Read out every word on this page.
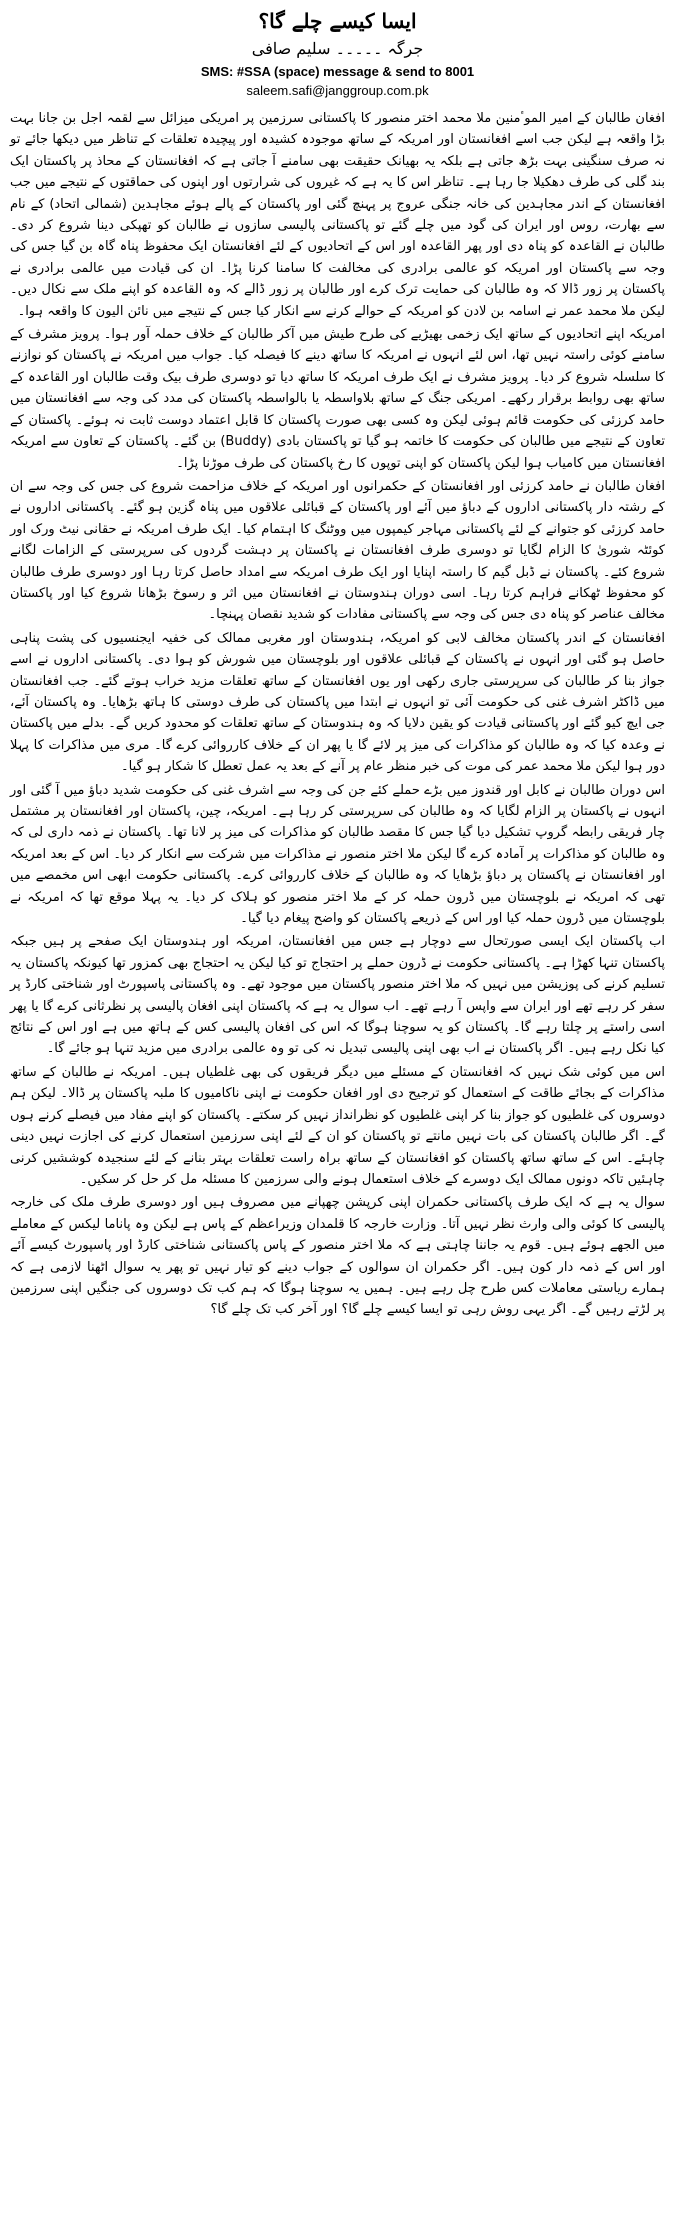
ایسا کیسے چلے گا؟

جرگہ ۔۔۔۔۔ سلیم صافی

SMS: #SSA (space) message & send to 8001

saleem.safi@janggroup.com.pk

افغان طالبان کے امیر الموٴمنین ملا محمد اختر منصور کا پاکستانی سرزمین پر امریکی میزائل سے لقمہ اجل بن جانا بہت بڑا واقعہ ہے لیکن جب اسے افغانستان اور امریکہ کے ساتھ موجودہ کشیدہ اور پیچیدہ تعلقات کے تناظر میں دیکھا جائے تو نہ صرف سنگینی بہت بڑھ جاتی ہے بلکہ یہ بھیانک حقیقت بھی سامنے آ جاتی ہے کہ افغانستان کے محاذ پر پاکستان ایک بند گلی کی طرف دھکیلا جا رہا ہے۔ تناظر اس کا یہ ہے کہ غیروں کی شرارتوں اور اپنوں کی حماقتوں کے نتیجے میں جب افغانستان کے اندر مجاہدین کی خانہ جنگی عروج پر پہنچ گئی اور پاکستان کے پالے ہوئے مجاہدین (شمالی اتحاد) کے نام سے بھارت، روس اور ایران کی گود میں چلے گئے تو پاکستانی پالیسی سازوں نے طالبان کو تھپکی دینا شروع کر دی۔ طالبان نے القاعدہ کو پناہ دی اور پھر القاعدہ اور اس کے اتحادیوں کے لئے افغانستان ایک محفوظ پناہ گاہ بن گیا جس کی وجہ سے پاکستان اور امریکہ کو عالمی برادری کی مخالفت کا سامنا کرنا پڑا۔ ان کی قیادت میں عالمی برادری نے پاکستان پر زور ڈالا کہ وہ طالبان کی حمایت ترک کرے اور طالبان پر زور ڈالے کہ وہ القاعدہ کو اپنے ملک سے نکال دیں۔ لیکن ملا محمد عمر نے اسامہ بن لادن کو امریکہ کے حوالے کرنے سے انکار کیا جس کے نتیجے میں نائن الیون کا واقعہ ہوا۔

امریکہ اپنے اتحادیوں کے ساتھ ایک زخمی بھیڑیے کی طرح طیش میں آکر طالبان کے خلاف حملہ آور ہوا۔ پرویز مشرف کے سامنے کوئی راستہ نہیں تھا، اس لئے انہوں نے امریکہ کا ساتھ دینے کا فیصلہ کیا۔ جواب میں امریکہ نے پاکستان کو نوازنے کا سلسلہ شروع کر دیا۔ پرویز مشرف نے ایک طرف امریکہ کا ساتھ دیا تو دوسری طرف بیک وقت طالبان اور القاعدہ کے ساتھ بھی روابط برقرار رکھے۔ امریکی جنگ کے ساتھ بلاواسطہ یا بالواسطہ پاکستان کی مدد کی وجہ سے افغانستان میں حامد کرزئی کی حکومت قائم ہوئی لیکن وہ کسی بھی صورت پاکستان کا قابل اعتماد دوست ثابت نہ ہوئے۔ پاکستان کے تعاون کے نتیجے میں طالبان کی حکومت کا خاتمہ ہو گیا تو پاکستان بادی (Buddy) بن گئے۔ پاکستان کے تعاون سے امریکہ افغانستان میں کامیاب ہوا لیکن پاکستان کو اپنی توپوں کا رخ پاکستان کی طرف موڑنا پڑا۔

افغان طالبان نے حامد کرزئی اور افغانستان کے حکمرانوں اور امریکہ کے خلاف مزاحمت شروع کی جس کی وجہ سے ان کے رشتہ دار پاکستانی اداروں کے دباؤ میں آئے اور پاکستان کے قبائلی علاقوں میں پناہ گزین ہو گئے۔ پاکستانی اداروں نے حامد کرزئی کو جتوانے کے لئے پاکستانی مہاجر کیمپوں میں ووٹنگ کا اہتمام کیا۔ ایک طرف امریکہ نے حقانی نیٹ ورک اور کوئٹہ شوریٰ کا الزام لگایا تو دوسری طرف افغانستان نے پاکستان پر دہشت گردوں کی سرپرستی کے الزامات لگانے شروع کئے۔ پاکستان نے ڈبل گیم کا راستہ اپنایا اور ایک طرف امریکہ سے امداد حاصل کرتا رہا اور دوسری طرف طالبان کو محفوظ ٹھکانے فراہم کرتا رہا۔ اسی دوران ہندوستان نے افغانستان میں اثر و رسوخ بڑھانا شروع کیا اور پاکستان مخالف عناصر کو پناہ دی جس کی وجہ سے پاکستانی مفادات کو شدید نقصان پہنچا۔

افغانستان کے اندر پاکستان مخالف لابی کو امریکہ، ہندوستان اور مغربی ممالک کی خفیہ ایجنسیوں کی پشت پناہی حاصل ہو گئی اور انہوں نے پاکستان کے قبائلی علاقوں اور بلوچستان میں شورش کو ہوا دی۔ پاکستانی اداروں نے اسے جواز بنا کر طالبان کی سرپرستی جاری رکھی اور یوں افغانستان کے ساتھ تعلقات مزید خراب ہوتے گئے۔ جب افغانستان میں ڈاکٹر اشرف غنی کی حکومت آئی تو انہوں نے ابتدا میں پاکستان کی طرف دوستی کا ہاتھ بڑھایا۔ وہ پاکستان آئے، جی ایچ کیو گئے اور پاکستانی قیادت کو یقین دلایا کہ وہ ہندوستان کے ساتھ تعلقات کو محدود کریں گے۔ بدلے میں پاکستان نے وعدہ کیا کہ وہ طالبان کو مذاکرات کی میز پر لائے گا یا پھر ان کے خلاف کارروائی کرے گا۔ مری میں مذاکرات کا پہلا دور ہوا لیکن ملا محمد عمر کی موت کی خبر منظر عام پر آنے کے بعد یہ عمل تعطل کا شکار ہو گیا۔

اس دوران طالبان نے کابل اور قندوز میں بڑے حملے کئے جن کی وجہ سے اشرف غنی کی حکومت شدید دباؤ میں آ گئی اور انہوں نے پاکستان پر الزام لگایا کہ وہ طالبان کی سرپرستی کر رہا ہے۔ امریکہ، چین، پاکستان اور افغانستان پر مشتمل چار فریقی رابطہ گروپ تشکیل دیا گیا جس کا مقصد طالبان کو مذاکرات کی میز پر لانا تھا۔ پاکستان نے ذمہ داری لی کہ وہ طالبان کو مذاکرات پر آمادہ کرے گا لیکن ملا اختر منصور نے مذاکرات میں شرکت سے انکار کر دیا۔ اس کے بعد امریکہ اور افغانستان نے پاکستان پر دباؤ بڑھایا کہ وہ طالبان کے خلاف کارروائی کرے۔ پاکستانی حکومت ابھی اس مخمصے میں تھی کہ امریکہ نے بلوچستان میں ڈرون حملہ کر کے ملا اختر منصور کو ہلاک کر دیا۔ یہ پہلا موقع تھا کہ امریکہ نے بلوچستان میں ڈرون حملہ کیا اور اس کے ذریعے پاکستان کو واضح پیغام دیا گیا۔

اب پاکستان ایک ایسی صورتحال سے دوچار ہے جس میں افغانستان، امریکہ اور ہندوستان ایک صفحے پر ہیں جبکہ پاکستان تنہا کھڑا ہے۔ پاکستانی حکومت نے ڈرون حملے پر احتجاج تو کیا لیکن یہ احتجاج بھی کمزور تھا کیونکہ پاکستان یہ تسلیم کرنے کی پوزیشن میں نہیں کہ ملا اختر منصور پاکستان میں موجود تھے۔ وہ پاکستانی پاسپورٹ اور شناختی کارڈ پر سفر کر رہے تھے اور ایران سے واپس آ رہے تھے۔ اب سوال یہ ہے کہ پاکستان اپنی افغان پالیسی پر نظرثانی کرے گا یا پھر اسی راستے پر چلتا رہے گا۔ پاکستان کو یہ سوچنا ہوگا کہ اس کی افغان پالیسی کس کے ہاتھ میں ہے اور اس کے نتائج کیا نکل رہے ہیں۔ اگر پاکستان نے اب بھی اپنی پالیسی تبدیل نہ کی تو وہ عالمی برادری میں مزید تنہا ہو جائے گا۔

اس میں کوئی شک نہیں کہ افغانستان کے مسئلے میں دیگر فریقوں کی بھی غلطیاں ہیں۔ امریکہ نے طالبان کے ساتھ مذاکرات کے بجائے طاقت کے استعمال کو ترجیح دی اور افغان حکومت نے اپنی ناکامیوں کا ملبہ پاکستان پر ڈالا۔ لیکن ہم دوسروں کی غلطیوں کو جواز بنا کر اپنی غلطیوں کو نظرانداز نہیں کر سکتے۔ پاکستان کو اپنے مفاد میں فیصلے کرنے ہوں گے۔ اگر طالبان پاکستان کی بات نہیں مانتے تو پاکستان کو ان کے لئے اپنی سرزمین استعمال کرنے کی اجازت نہیں دینی چاہئے۔ اس کے ساتھ ساتھ پاکستان کو افغانستان کے ساتھ براہ راست تعلقات بہتر بنانے کے لئے سنجیدہ کوششیں کرنی چاہئیں تاکہ دونوں ممالک ایک دوسرے کے خلاف استعمال ہونے والی سرزمین کا مسئلہ مل کر حل کر سکیں۔

سوال یہ ہے کہ ایک طرف پاکستانی حکمران اپنی کرپشن چھپانے میں مصروف ہیں اور دوسری طرف ملک کی خارجہ پالیسی کا کوئی والی وارث نظر نہیں آتا۔ وزارت خارجہ کا قلمدان وزیراعظم کے پاس ہے لیکن وہ پاناما لیکس کے معاملے میں الجھے ہوئے ہیں۔ قوم یہ جاننا چاہتی ہے کہ ملا اختر منصور کے پاس پاکستانی شناختی کارڈ اور پاسپورٹ کیسے آئے اور اس کے ذمہ دار کون ہیں۔ اگر حکمران ان سوالوں کے جواب دینے کو تیار نہیں تو پھر یہ سوال اٹھنا لازمی ہے کہ ہمارے ریاستی معاملات کس طرح چل رہے ہیں۔ ہمیں یہ سوچنا ہوگا کہ ہم کب تک دوسروں کی جنگیں اپنی سرزمین پر لڑتے رہیں گے۔ اگر یہی روش رہی تو ایسا کیسے چلے گا؟ اور آخر کب تک چلے گا؟
